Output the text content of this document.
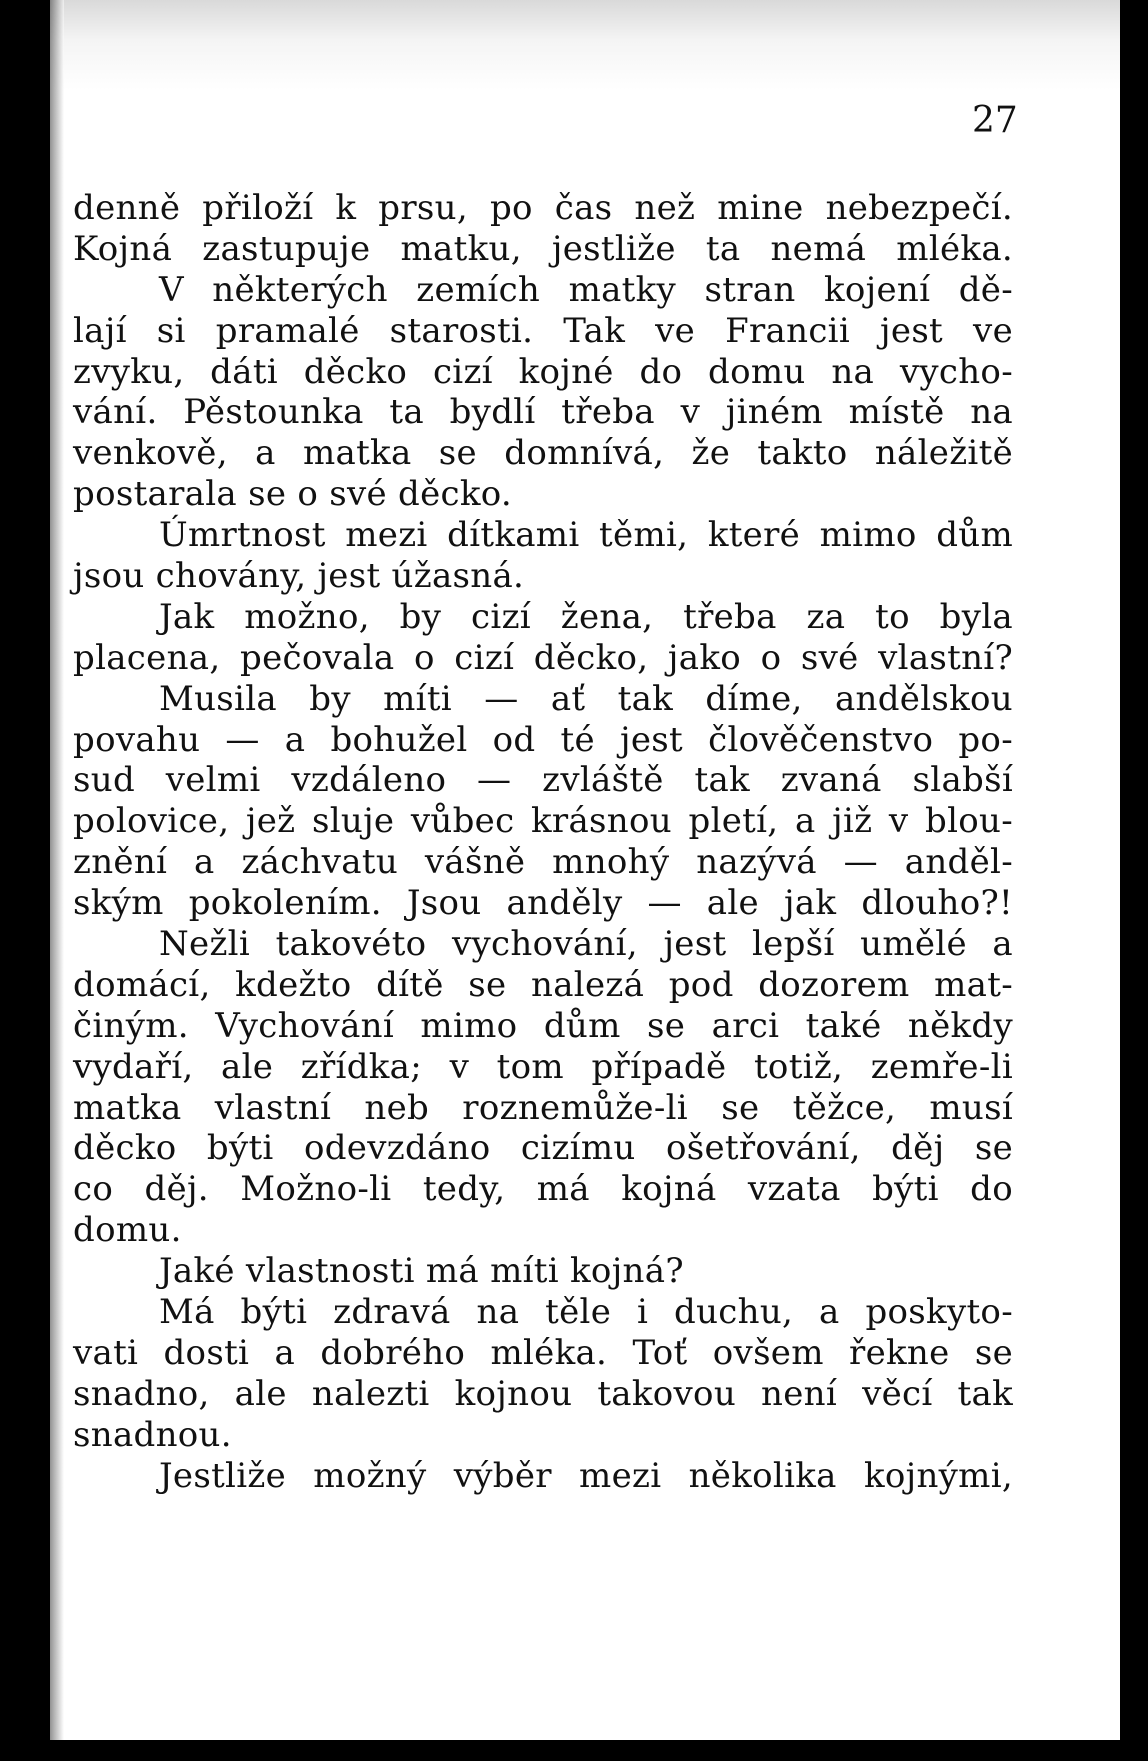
27
denně přiloží k prsu, po čas než mine nebezpečí.
Kojná zastupuje matku, jestliže ta nemá mléka.
V některých zemích matky stran kojení dě-
lají si pramalé starosti. Tak ve Francii jest ve
zvyku, dáti děcko cizí kojné do domu na vycho-
vání. Pěstounka ta bydlí třeba v jiném místě na
venkově, a matka se domnívá, že takto náležitě
postarala se o své děcko.
Úmrtnost mezi dítkami těmi, které mimo dům
jsou chovány, jest úžasná.
Jak možno, by cizí žena, třeba za to byla
placena, pečovala o cizí děcko, jako o své vlastní?
Musila by míti — ať tak díme, andělskou
povahu — a bohužel od té jest člověčenstvo po-
sud velmi vzdáleno — zvláště tak zvaná slabší
polovice, jež sluje vůbec krásnou pletí, a již v blou-
znění a záchvatu vášně mnohý nazývá — anděl-
ským pokolením. Jsou anděly — ale jak dlouho?!
Nežli takovéto vychování, jest lepší umělé a
domácí, kdežto dítě se nalezá pod dozorem mat-
činým. Vychování mimo dům se arci také někdy
vydaří, ale zřídka; v tom případě totiž, zemře-li
matka vlastní neb roznemůže-li se těžce, musí
děcko býti odevzdáno cizímu ošetřování, děj se
co děj. Možno-li tedy, má kojná vzata býti do
domu.
Jaké vlastnosti má míti kojná?
Má býti zdravá na těle i duchu, a poskyto-
vati dosti a dobrého mléka. Toť ovšem řekne se
snadno, ale nalezti kojnou takovou není věcí tak
snadnou.
Jestliže možný výběr mezi několika kojnými,
